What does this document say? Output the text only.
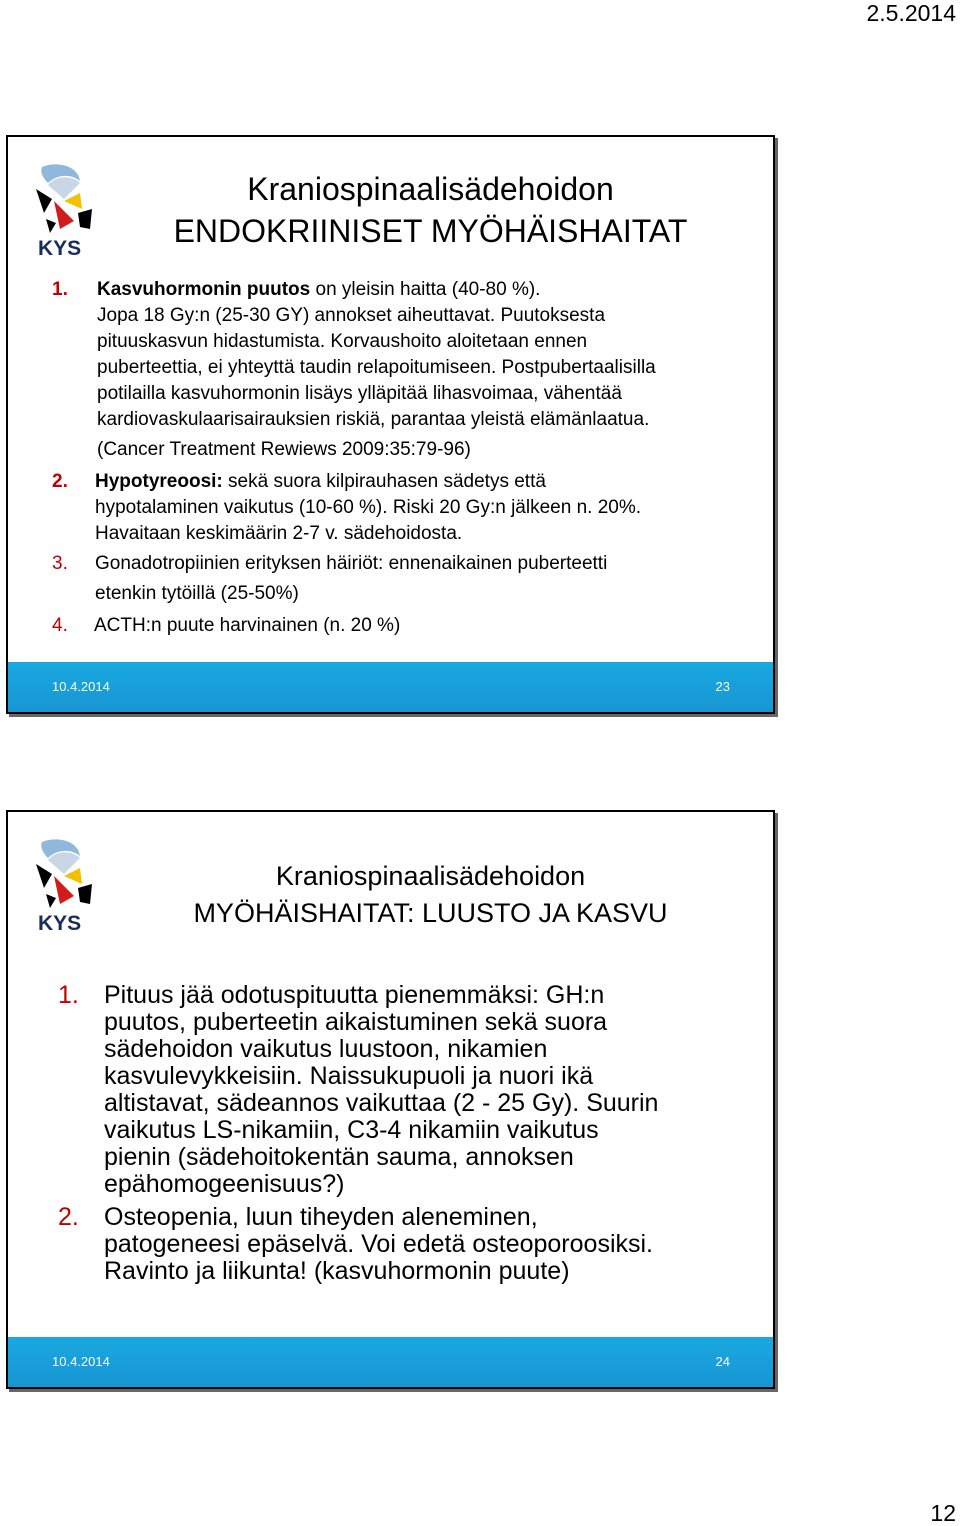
2.5.2014
KYS
Kraniospinaalisädehoidon
ENDOKRIINISET MYÖHÄISHAITAT
1. Kasvuhormonin puutos on yleisin haitta (40-80 %).
Jopa 18 Gy:n (25-30 GY) annokset aiheuttavat. Puutoksesta
pituuskasvun hidastumista. Korvaushoito aloitetaan ennen
puberteettia, ei yhteyttä taudin relapoitumiseen. Postpubertaalisilla
potilailla kasvuhormonin lisäys ylläpitää lihasvoimaa, vähentää
kardiovaskulaarisairauksien riskiä, parantaa yleistä elämänlaatua.
(Cancer Treatment Rewiews 2009:35:79-96)
2. Hypotyreoosi: sekä suora kilpirauhasen sädetys että
hypotalaminen vaikutus (10-60 %). Riski 20 Gy:n jälkeen n. 20%.
Havaitaan keskimäärin 2-7 v. sädehoidosta.
3. Gonadotropiinien erityksen häiriöt: ennenaikainen puberteetti
etenkin tytöillä (25-50%)
4. ACTH:n puute harvinainen (n. 20 %)
10.4.2014	23
KYS
Kraniospinaalisädehoidon
MYÖHÄISHAITAT: LUUSTO JA KASVU
1. Pituus jää odotuspituutta pienemmäksi: GH:n
puutos, puberteetin aikaistuminen sekä suora
sädehoidon vaikutus luustoon, nikamien
kasvulevykkeisiin. Naissukupuoli ja nuori ikä
altistavat, sädeannos vaikuttaa (2 - 25 Gy). Suurin
vaikutus LS-nikamiin, C3-4 nikamiin vaikutus
pienin (sädehoitokentän sauma, annoksen
epähomogeenisuus?)
2. Osteopenia, luun tiheyden aleneminen,
patogeneesi epäselvä. Voi edetä osteoporoosiksi.
Ravinto ja liikunta! (kasvuhormonin puute)
10.4.2014	24
12
